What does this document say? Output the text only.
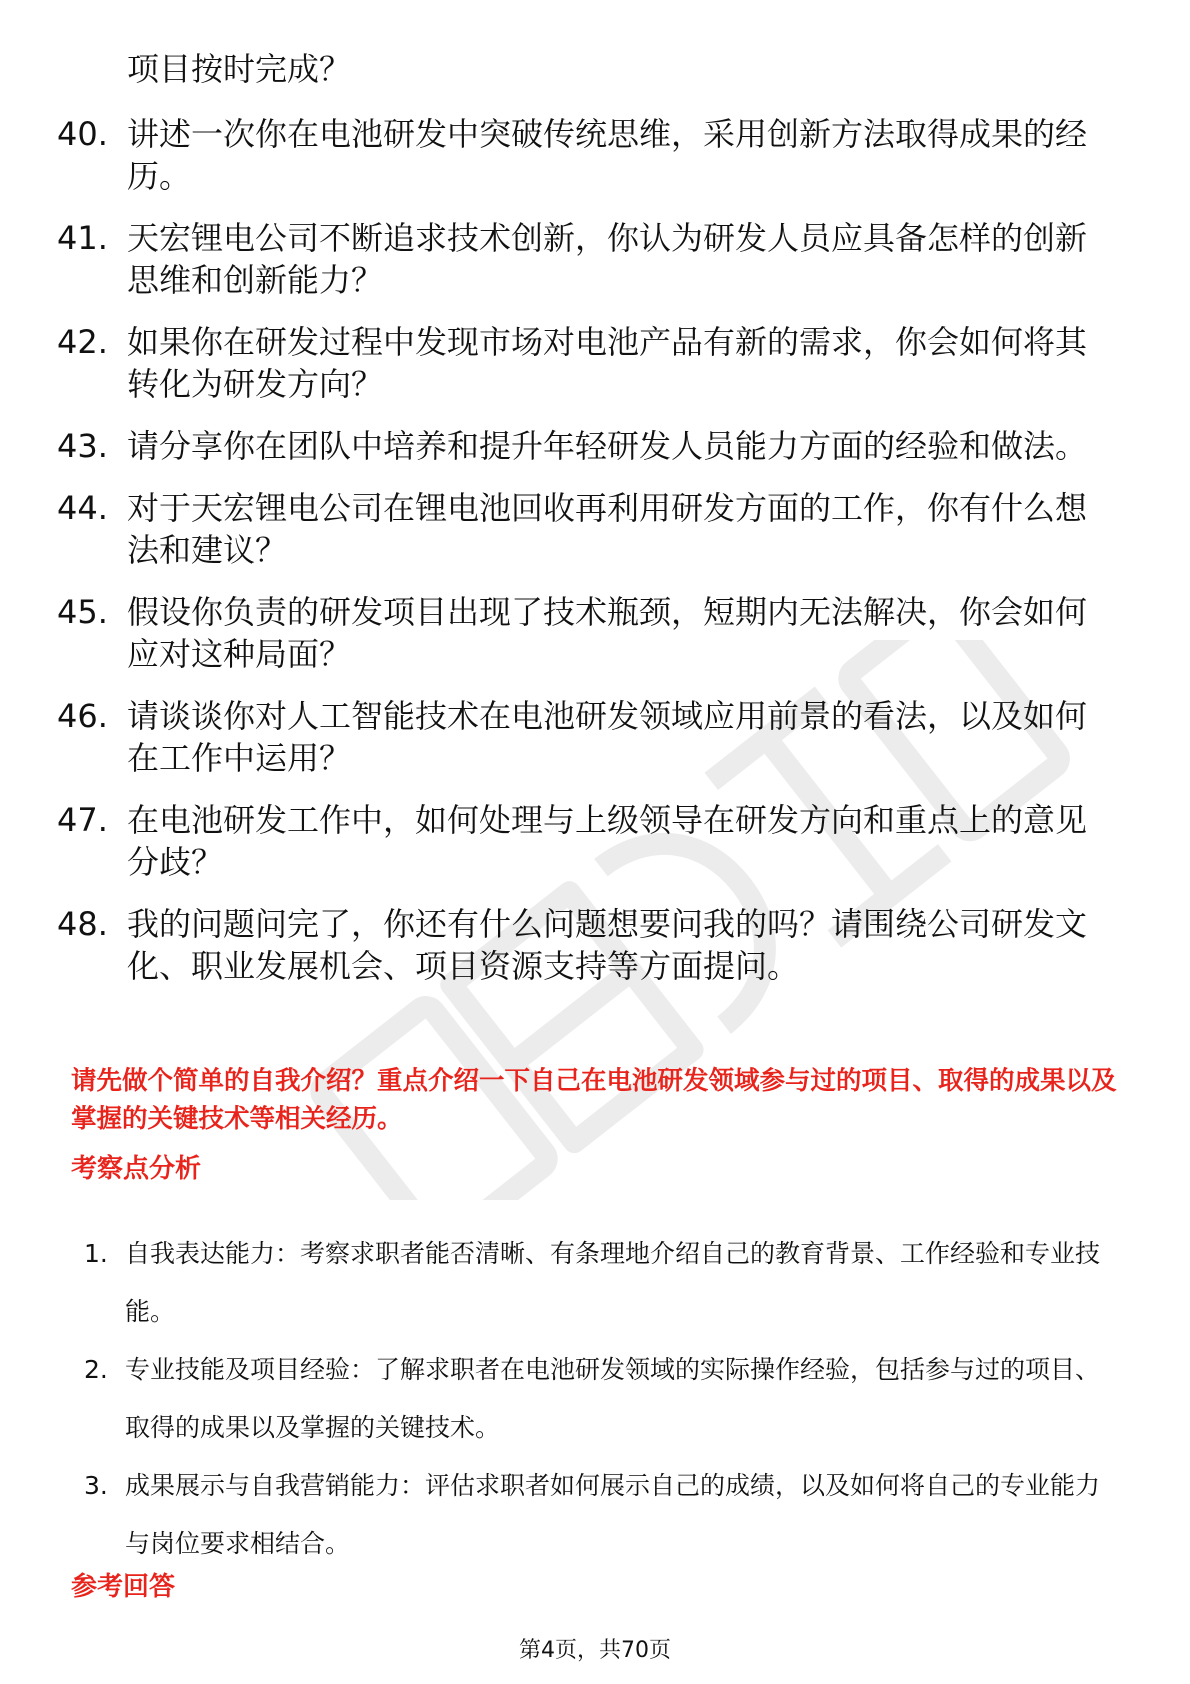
项目按时完成？

40. 讲述一次你在电池研发中突破传统思维，采用创新方法取得成果的经历。
41. 天宏锂电公司不断追求技术创新，你认为研发人员应具备怎样的创新思维和创新能力？
42. 如果你在研发过程中发现市场对电池产品有新的需求，你会如何将其转化为研发方向？
43. 请分享你在团队中培养和提升年轻研发人员能力方面的经验和做法。
44. 对于天宏锂电公司在锂电池回收再利用研发方面的工作，你有什么想法和建议？
45. 假设你负责的研发项目出现了技术瓶颈，短期内无法解决，你会如何应对这种局面？
46. 请谈谈你对人工智能技术在电池研发领域应用前景的看法，以及如何在工作中运用？
47. 在电池研发工作中，如何处理与上级领导在研发方向和重点上的意见分歧？
48. 我的问题问完了，你还有什么问题想要问我的吗？请围绕公司研发文化、职业发展机会、项目资源支持等方面提问。

请先做个简单的自我介绍？重点介绍一下自己在电池研发领域参与过的项目、取得的成果以及掌握的关键技术等相关经历。

考察点分析
1. 自我表达能力：考察求职者能否清晰、有条理地介绍自己的教育背景、工作经验和专业技能。
2. 专业技能及项目经验：了解求职者在电池研发领域的实际操作经验，包括参与过的项目、取得的成果以及掌握的关键技术。
3. 成果展示与自我营销能力：评估求职者如何展示自己的成绩，以及如何将自己的专业能力与岗位要求相结合。
参考回答
第4页，共70页
